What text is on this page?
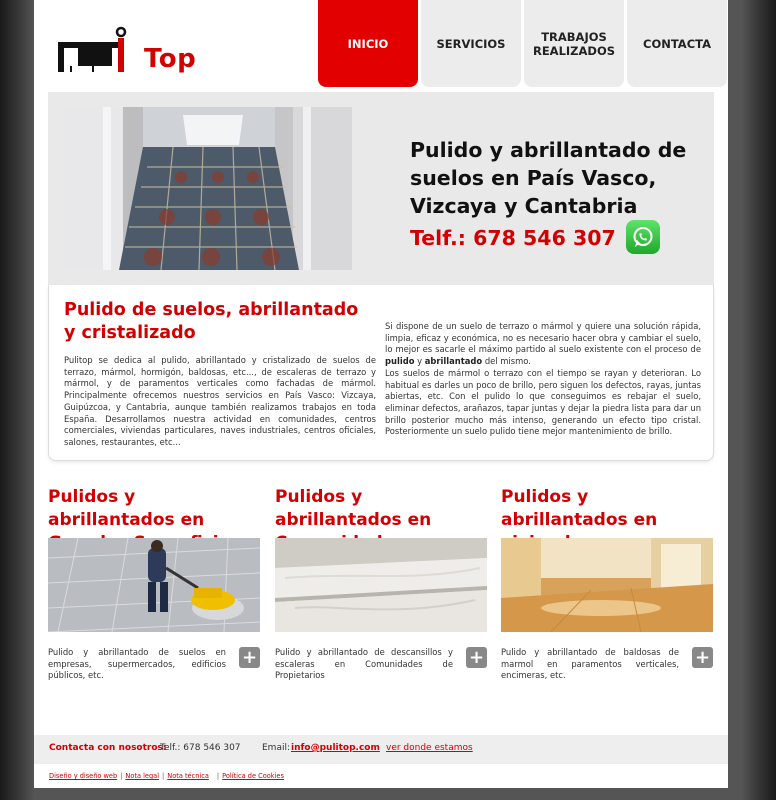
Top
INICIO	SERVICIOS	TRABAJOS REALIZADOS	CONTACTA
Pulido y abrillantado de suelos en País Vasco, Vizcaya y Cantabria
Telf.: 678 546 307
Pulido de suelos, abrillantado y cristalizado
Pulitop se dedica al pulido, abrillantado y cristalizado de suelos de terrazo, mármol, hormigón, baldosas, etc..., de escaleras de terrazo y mármol, y de paramentos verticales como fachadas de mármol. Principalmente ofrecemos nuestros servicios en País Vasco: Vizcaya, Guipúzcoa, y Cantabria, aunque también realizamos trabajos en toda España. Desarrollamos nuestra actividad en comunidades, centros comerciales, viviendas particulares, naves industriales, centros oficiales, salones, restaurantes, etc...

Si dispone de un suelo de terrazo o mármol y quiere una solución rápida, limpia, eficaz y económica, no es necesario hacer obra y cambiar el suelo, lo mejor es sacarle el máximo partido al suelo existente con el proceso de pulido y abrillantado del mismo.

Los suelos de mármol o terrazo con el tiempo se rayan y deterioran. Lo habitual es darles un poco de brillo, pero siguen los defectos, rayas, juntas abiertas, etc. Con el pulido lo que conseguimos es rebajar el suelo, eliminar defectos, arañazos, tapar juntas y dejar la piedra lista para dar un brillo posterior mucho más intenso, generando un efecto tipo cristal. Posteriormente un suelo pulido tiene mejor mantenimiento de brillo.

Pulidos y abrillantados en
Pulido y abrillantado de suelos en empresas, supermercados, edificios públicos, etc.
+
Pulidos y abrillantados en
Pulido y abrillantado de descansillos y escaleras en Comunidades de Propietarios
+
Pulidos y abrillantados en
Pulido y abrillantado de baldosas de marmol en paramentos verticales, encimeras, etc.
+
Contacta con nosotros:
Telf.: 678 546 307 Email: info@pulitop.com ver donde estamos
Diseño y diseño web | Nota legal | Nota técnica | Política de Cookies
